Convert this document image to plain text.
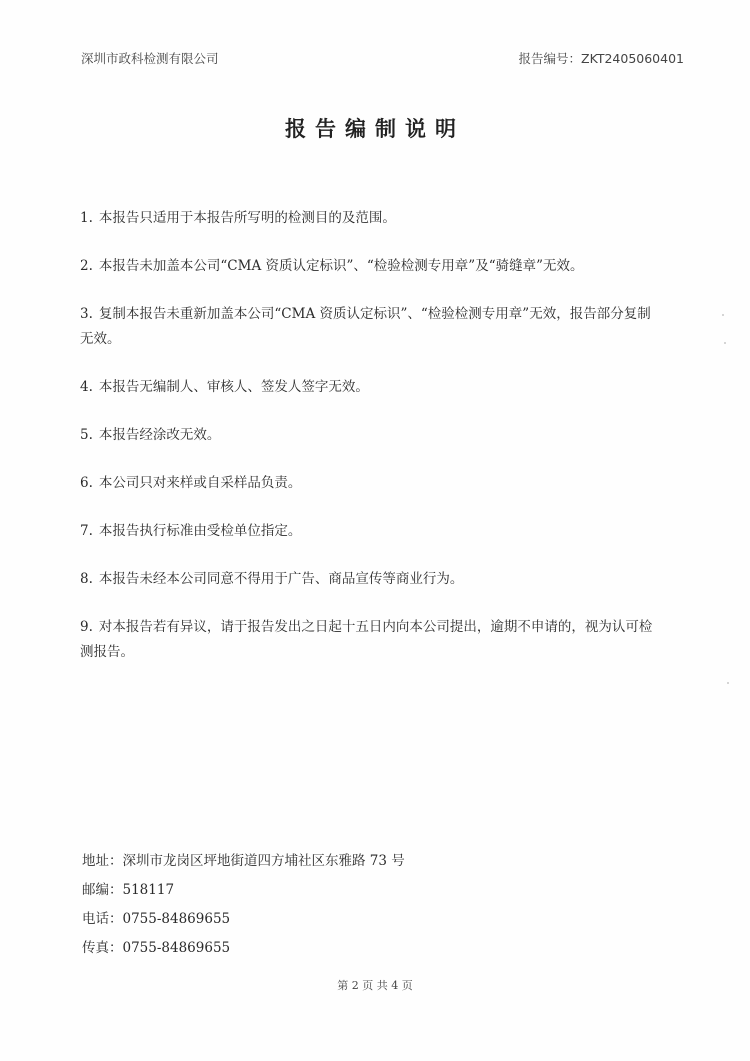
深圳市政科检测有限公司	报告编号：ZKT2405060401
报告编制说明
1. 本报告只适用于本报告所写明的检测目的及范围。
2. 本报告未加盖本公司“CMA 资质认定标识”、“检验检测专用章”及“骑缝章”无效。
3. 复制本报告未重新加盖本公司“CMA 资质认定标识”、“检验检测专用章”无效，报告部分复制无效。
4. 本报告无编制人、审核人、签发人签字无效。
5. 本报告经涂改无效。
6. 本公司只对来样或自采样品负责。
7. 本报告执行标准由受检单位指定。
8. 本报告未经本公司同意不得用于广告、商品宣传等商业行为。
9. 对本报告若有异议，请于报告发出之日起十五日内向本公司提出，逾期不申请的，视为认可检测报告。
地址：深圳市龙岗区坪地街道四方埔社区东雅路 73 号
邮编：518117
电话：0755-84869655
传真：0755-84869655
第 2 页 共 4 页
